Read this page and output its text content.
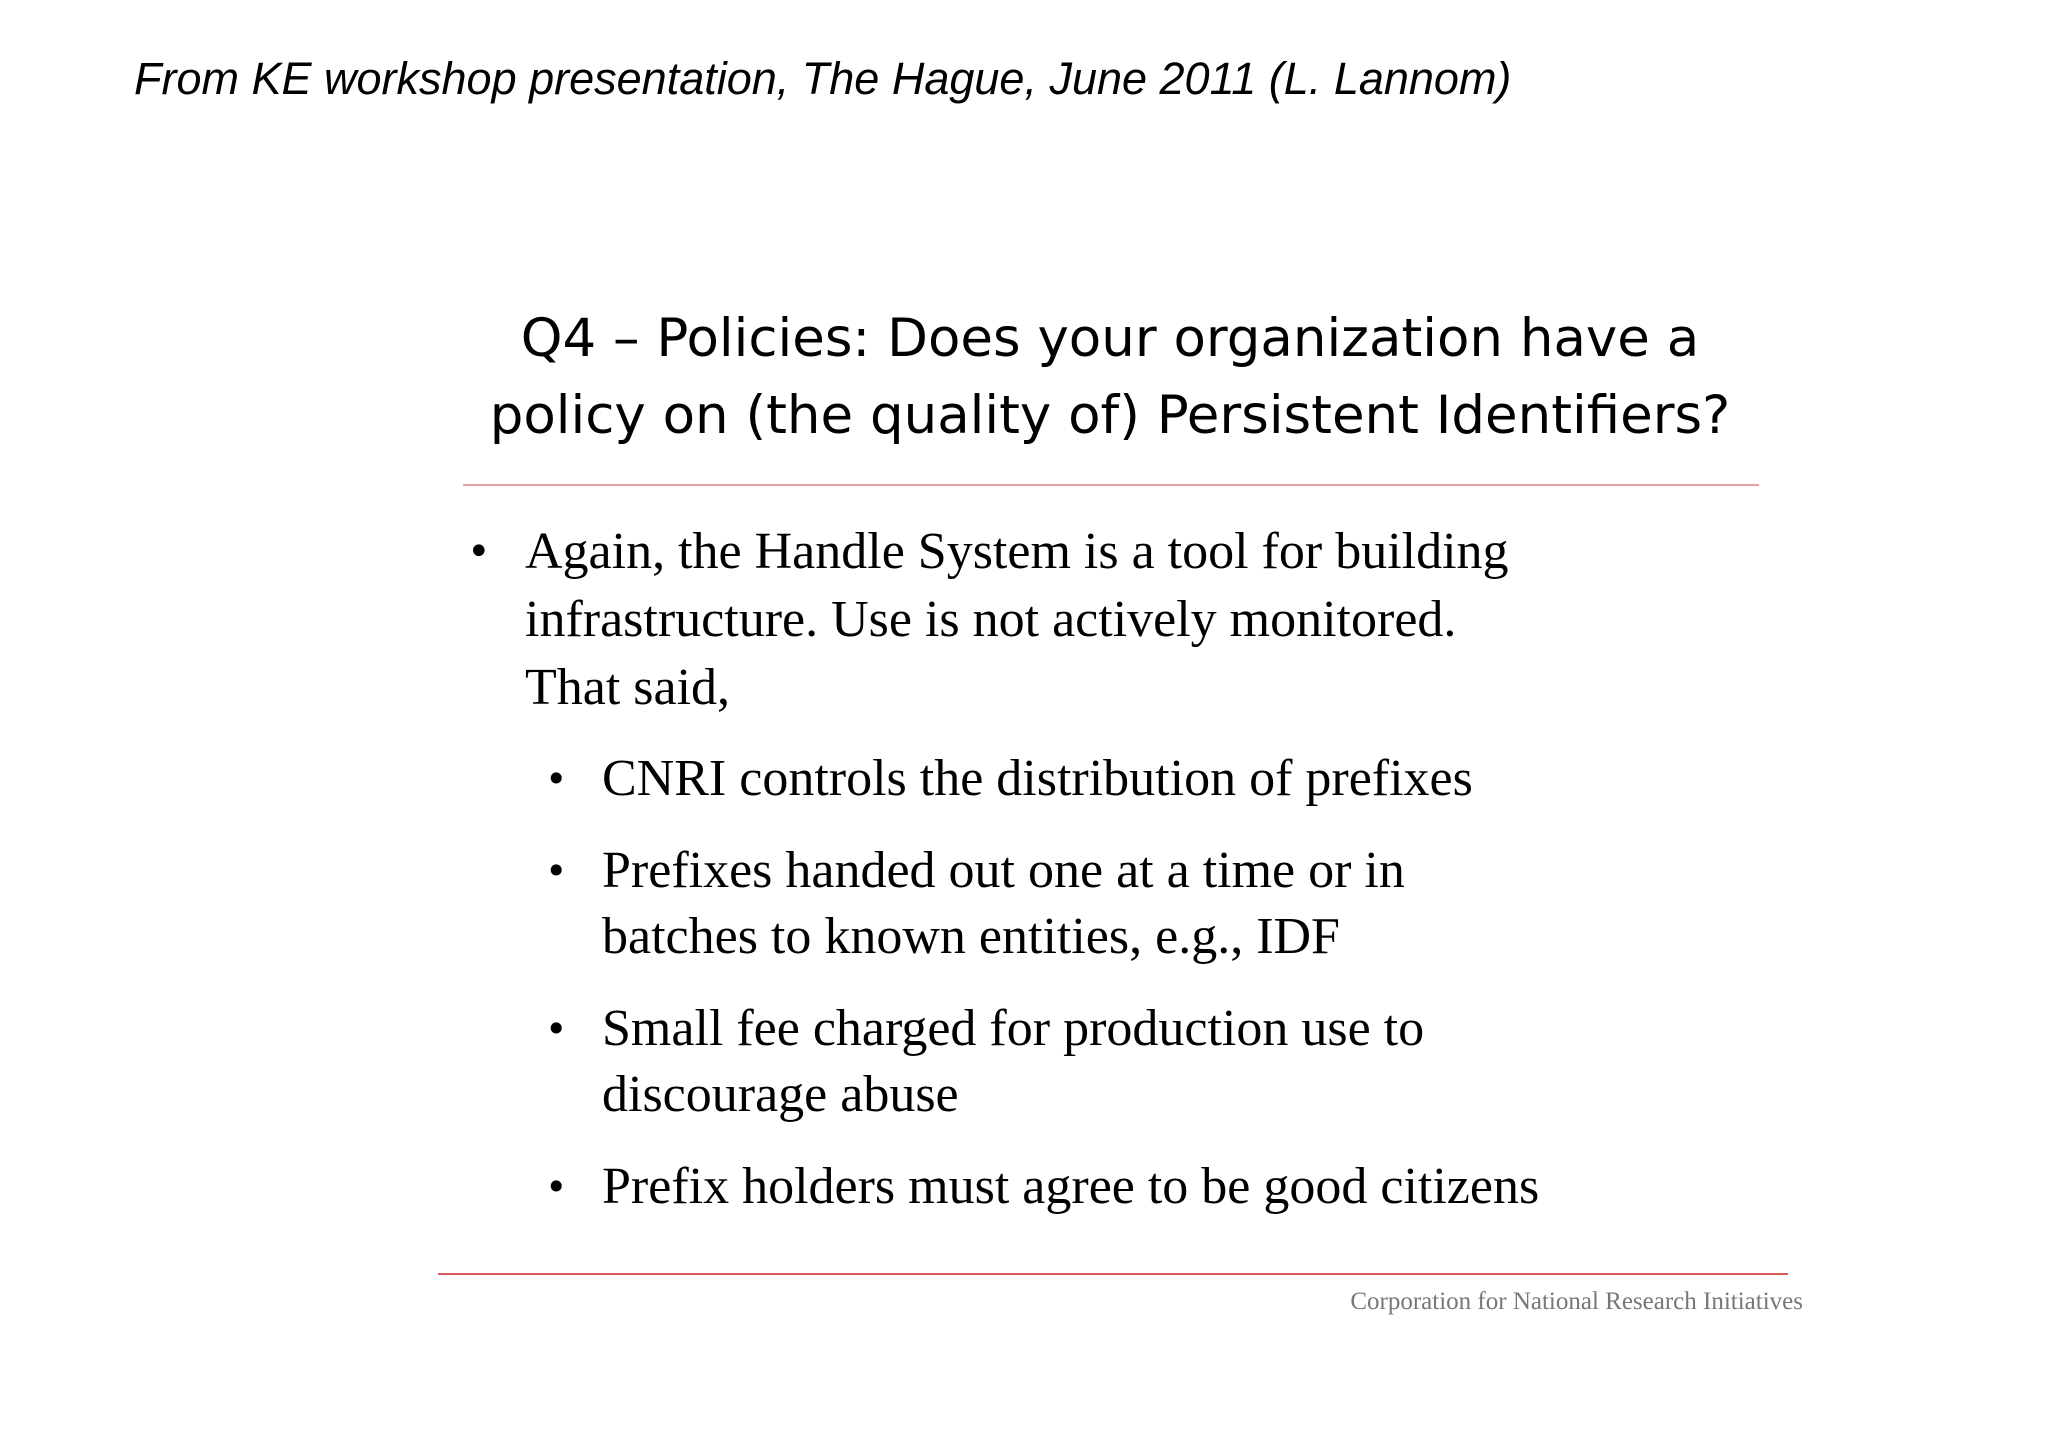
From KE workshop presentation, The Hague, June 2011 (L. Lannom)
Q4 – Policies: Does your organization have a
policy on (the quality of) Persistent Identifiers?
• Again, the Handle System is a tool for building
infrastructure. Use is not actively monitored.
That said,
• CNRI controls the distribution of prefixes
• Prefixes handed out one at a time or in
batches to known entities, e.g., IDF
• Small fee charged for production use to
discourage abuse
• Prefix holders must agree to be good citizens
Corporation for National Research Initiatives
